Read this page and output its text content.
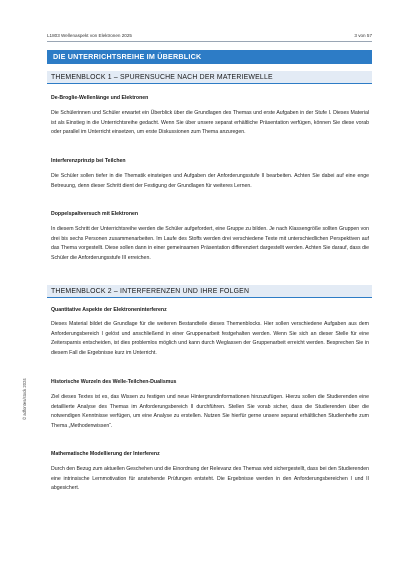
L1803 Wellenaspekt von Elektronen 2025	3 von 57
DIE UNTERRICHTSREIHE IM ÜBERBLICK
THEMENBLOCK 1 – SPURENSUCHE NACH DER MATERIEWELLE
De-Broglie-Wellenlänge und Elektronen
Die Schülerinnen und Schüler erwartet ein Überblick über die Grundlagen des Themas und erste Aufgaben in der Stufe I. Dieses Material ist als Einstieg in die Unterrichtsreihe gedacht. Wenn Sie über unsere separat erhältliche Präsentation verfügen, können Sie diese vorab oder parallel im Unterricht einsetzen, um erste Diskussionen zum Thema anzuregen.
Interferenzprinzip bei Teilchen
Die Schüler sollen tiefer in die Thematik einsteigen und Aufgaben der Anforderungsstufe II bearbeiten. Achten Sie dabei auf eine enge Betreuung, denn dieser Schritt dient der Festigung der Grundlagen für weiteres Lernen.
Doppelspaltversuch mit Elektronen
In diesem Schritt der Unterrichtsreihe werden die Schüler aufgefordert, eine Gruppe zu bilden. Je nach Klassengröße sollten Gruppen von drei bis sechs Personen zusammenarbeiten. Im Laufe des Stoffs werden drei verschiedene Texte mit unterschiedlichen Perspektiven auf das Thema vorgestellt. Diese sollen dann in einer gemeinsamen Präsentation differenziert dargestellt werden. Achten Sie darauf, dass die Schüler die Anforderungsstufe III erreichen.
THEMENBLOCK 2 – INTERFERENZEN UND IHRE FOLGEN
Quantitative Aspekte der Elektroneninterferenz
Dieses Material bildet die Grundlage für die weiteren Bestandteile dieses Themenblocks. Hier sollen verschiedene Aufgaben aus dem Anforderungsbereich I gelöst und anschließend in einer Gruppenarbeit festgehalten werden. Wenn Sie sich an dieser Stelle für eine Zeitersparnis entscheiden, ist dies problemlos möglich und kann durch Weglassen der Gruppenarbeit erreicht werden. Besprechen Sie in diesem Fall die Ergebnisse kurz im Unterricht.
Historische Wurzeln des Welle-Teilchen-Dualismus
Ziel dieses Textes ist es, das Wissen zu festigen und neue Hintergrundinformationen hinzuzufügen. Hierzu sollen die Studierenden eine detaillierte Analyse des Themas im Anforderungsbereich II durchführen. Stellen Sie vorab sicher, dass die Studierenden über die notwendigen Kenntnisse verfügen, um eine Analyse zu erstellen. Nutzen Sie hierfür gerne unsere separat erhältlichen Studienhefte zum Thema „Methodenwissen“.
Mathematische Modellierung der Interferenz
Durch den Bezug zum aktuellen Geschehen und die Einordnung der Relevanz des Themas wird sichergestellt, dass bei den Studierenden eine intrinsische Lernmotivation für anstehende Prüfungen entsteht. Die Ergebnisse werden in den Anforderungsbereichen I und II abgesichert.
© adfontes/stock 2024
